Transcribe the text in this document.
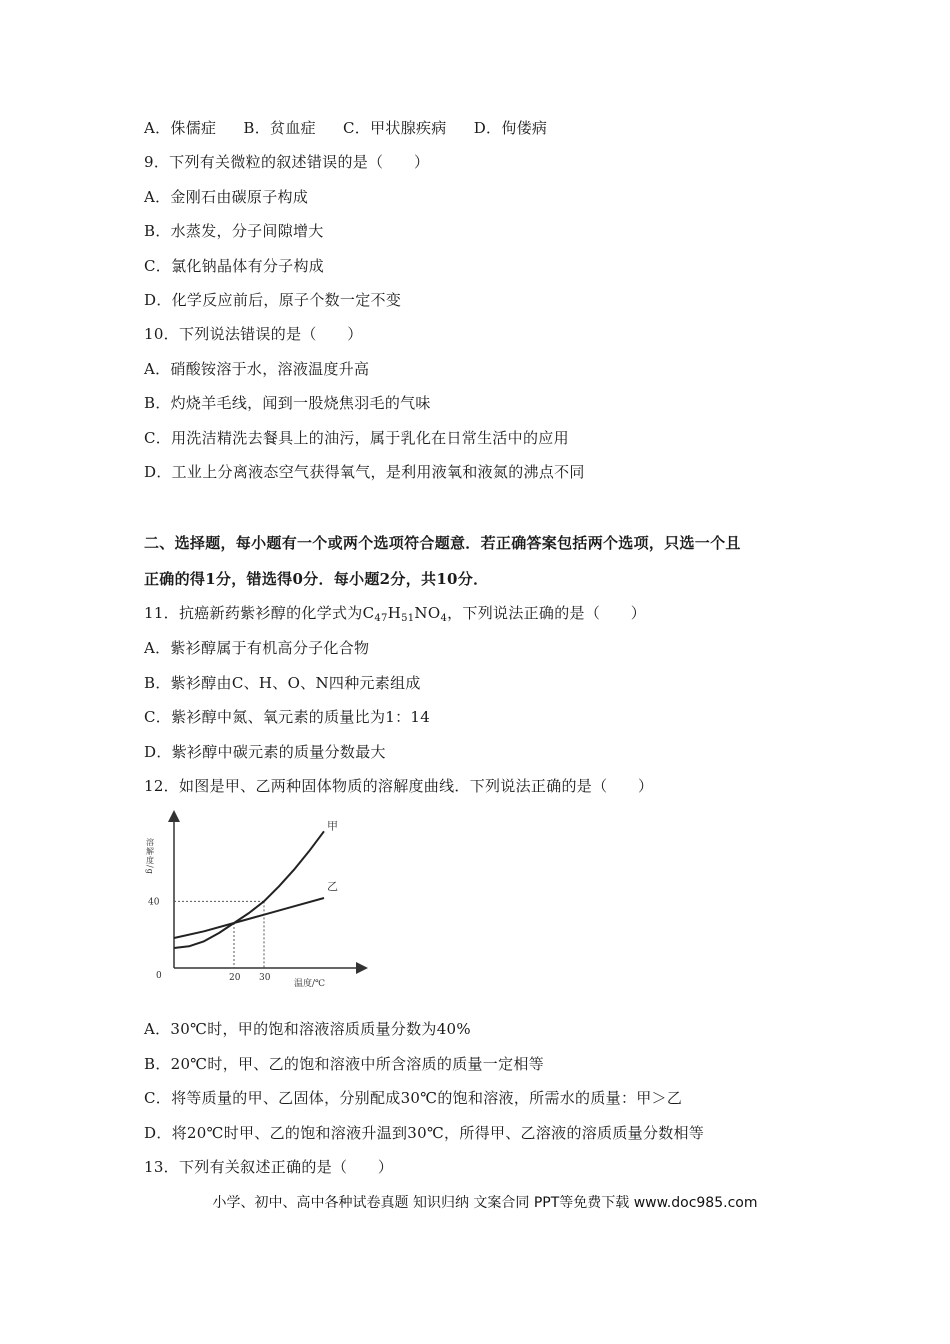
A．侏儒症 B．贫血症 C．甲状腺疾病 D．佝偻病
9．下列有关微粒的叙述错误的是（　　）
A．金刚石由碳原子构成
B．水蒸发，分子间隙增大
C．氯化钠晶体有分子构成
D．化学反应前后，原子个数一定不变
10．下列说法错误的是（　　）
A．硝酸铵溶于水，溶液温度升高
B．灼烧羊毛线，闻到一股烧焦羽毛的气味
C．用洗洁精洗去餐具上的油污，属于乳化在日常生活中的应用
D．工业上分离液态空气获得氧气，是利用液氧和液氮的沸点不同
二、选择题，每小题有一个或两个选项符合题意．若正确答案包括两个选项，只选一个且
正确的得1分，错选得0分．每小题2分，共10分．
11．抗癌新药紫衫醇的化学式为$C_{47}H_{51}NO_4$，下列说法正确的是（　　）
A．紫衫醇属于有机高分子化合物
B．紫衫醇由C、H、O、N四种元素组成
C．紫衫醇中氮、氧元素的质量比为1：14
D．紫衫醇中碳元素的质量分数最大
12．如图是甲、乙两种固体物质的溶解度曲线．下列说法正确的是（　　）
溶解度/g
温度/℃
0
40
20 30
甲
乙
A．30℃时，甲的饱和溶液溶质质量分数为40%
B．20℃时，甲、乙的饱和溶液中所含溶质的质量一定相等
C．将等质量的甲、乙固体，分别配成30℃的饱和溶液，所需水的质量：甲＞乙
D．将20℃时甲、乙的饱和溶液升温到30℃，所得甲、乙溶液的溶质质量分数相等
13．下列有关叙述正确的是（　　）
小学、初中、高中各种试卷真题 知识归纳 文案合同 PPT等免费下载 www.doc985.com
